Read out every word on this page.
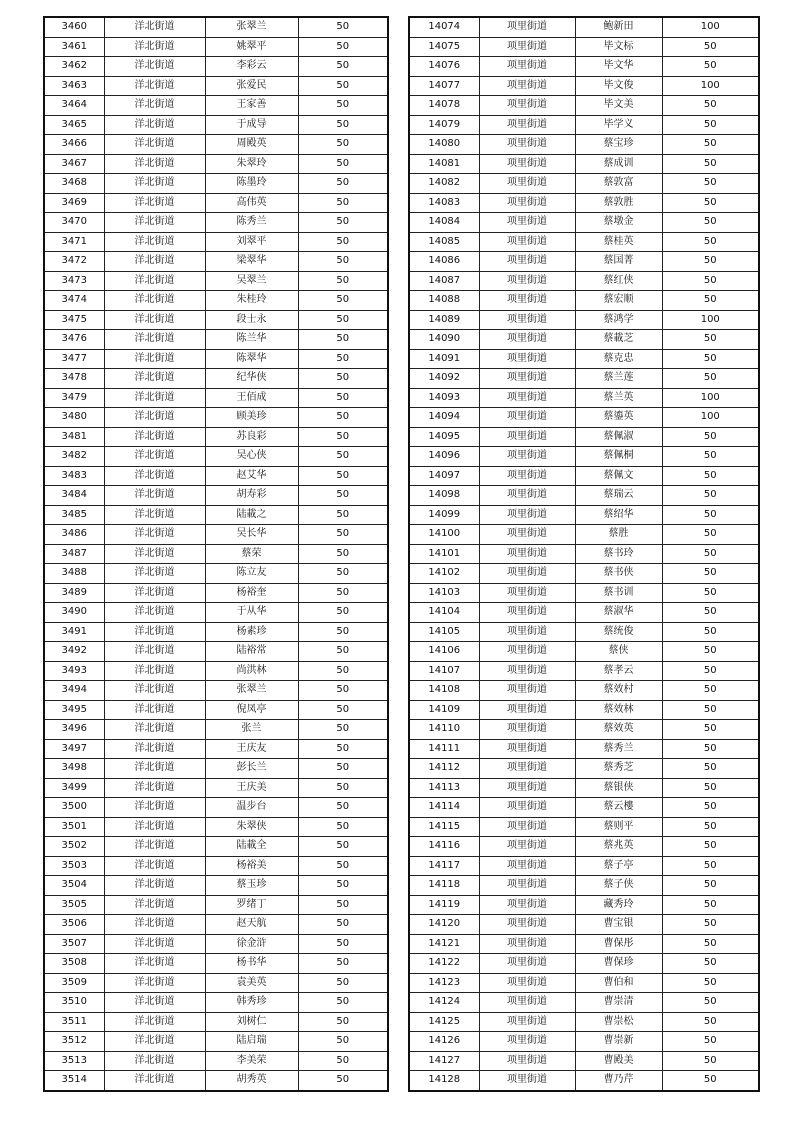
3460	洋北街道	张翠兰	50
3461	洋北街道	姚翠平	50
3462	洋北街道	李彩云	50
3463	洋北街道	张爱民	50
3464	洋北街道	王家善	50
3465	洋北街道	于成导	50
3466	洋北街道	周殿英	50
3467	洋北街道	朱翠玲	50
3468	洋北街道	陈墨玲	50
3469	洋北街道	高伟英	50
3470	洋北街道	陈秀兰	50
3471	洋北街道	刘翠平	50
3472	洋北街道	梁翠华	50
3473	洋北街道	吴翠兰	50
3474	洋北街道	朱桂玲	50
3475	洋北街道	段士永	50
3476	洋北街道	陈兰华	50
3477	洋北街道	陈翠华	50
3478	洋北街道	纪华侠	50
3479	洋北街道	王佰成	50
3480	洋北街道	顾美珍	50
3481	洋北街道	苏良彩	50
3482	洋北街道	吴心侠	50
3483	洋北街道	赵艾华	50
3484	洋北街道	胡寿彩	50
3485	洋北街道	陆載之	50
3486	洋北街道	吴长华	50
3487	洋北街道	蔡荣	50
3488	洋北街道	陈立友	50
3489	洋北街道	杨裕奎	50
3490	洋北街道	于从华	50
3491	洋北街道	杨素珍	50
3492	洋北街道	陆裕常	50
3493	洋北街道	尚洪林	50
3494	洋北街道	张翠兰	50
3495	洋北街道	倪凤亭	50
3496	洋北街道	张兰	50
3497	洋北街道	王庆友	50
3498	洋北街道	彭长兰	50
3499	洋北街道	王庆美	50
3500	洋北街道	温步台	50
3501	洋北街道	朱翠侠	50
3502	洋北街道	陆載全	50
3503	洋北街道	杨裕美	50
3504	洋北街道	蔡玉珍	50
3505	洋北街道	罗绪丁	50
3506	洋北街道	赵天航	50
3507	洋北街道	徐金浒	50
3508	洋北街道	杨书华	50
3509	洋北街道	袁美英	50
3510	洋北街道	韩秀珍	50
3511	洋北街道	刘树仁	50
3512	洋北街道	陆启瑞	50
3513	洋北街道	李美荣	50
3514	洋北街道	胡秀英	50
14074	项里街道	鲍新田	100
14075	项里街道	毕文标	50
14076	项里街道	毕文华	50
14077	项里街道	毕文俊	100
14078	项里街道	毕文美	50
14079	项里街道	毕学义	50
14080	项里街道	蔡宝珍	50
14081	项里街道	蔡成训	50
14082	项里街道	蔡敦富	50
14083	项里街道	蔡敦胜	50
14084	项里街道	蔡墩金	50
14085	项里街道	蔡桂英	50
14086	项里街道	蔡国菁	50
14087	项里街道	蔡红侠	50
14088	项里街道	蔡宏顺	50
14089	项里街道	蔡鸿学	100
14090	项里街道	蔡載芝	50
14091	项里街道	蔡克忠	50
14092	项里街道	蔡兰莲	50
14093	项里街道	蔡兰英	100
14094	项里街道	蔡鎏英	100
14095	项里街道	蔡佩淑	50
14096	项里街道	蔡佩桐	50
14097	项里街道	蔡佩文	50
14098	项里街道	蔡瑞云	50
14099	项里街道	蔡绍华	50
14100	项里街道	蔡胜	50
14101	项里街道	蔡书玲	50
14102	项里街道	蔡书侠	50
14103	项里街道	蔡书训	50
14104	项里街道	蔡淑华	50
14105	项里街道	蔡统俊	50
14106	项里街道	蔡侠	50
14107	项里街道	蔡孝云	50
14108	项里街道	蔡效村	50
14109	项里街道	蔡效林	50
14110	项里街道	蔡效英	50
14111	项里街道	蔡秀兰	50
14112	项里街道	蔡秀芝	50
14113	项里街道	蔡银侠	50
14114	项里街道	蔡云樓	50
14115	项里街道	蔡则平	50
14116	项里街道	蔡兆英	50
14117	项里街道	蔡子亭	50
14118	项里街道	蔡子侠	50
14119	项里街道	藏秀玲	50
14120	项里街道	曹宝银	50
14121	项里街道	曹保彤	50
14122	项里街道	曹保珍	50
14123	项里街道	曹伯和	50
14124	项里街道	曹崇清	50
14125	项里街道	曹崇松	50
14126	项里街道	曹崇新	50
14127	项里街道	曹殿美	50
14128	项里街道	曹乃芹	50
